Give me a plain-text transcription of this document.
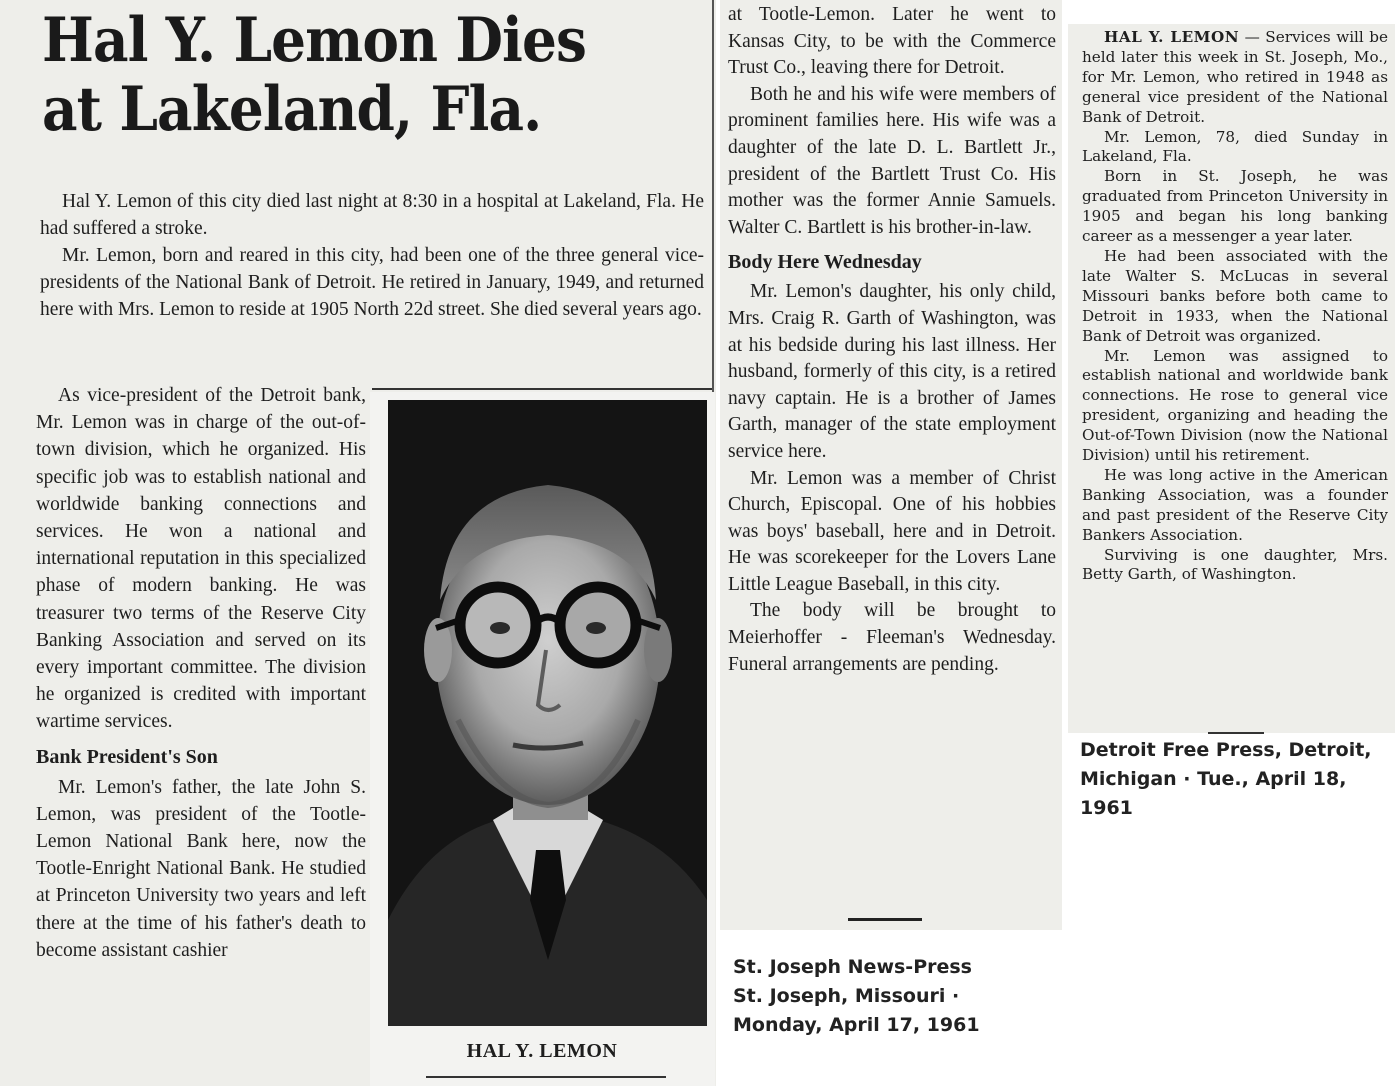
Hal Y. Lemon Dies
at Lakeland, Fla.

Hal Y. Lemon of this city died last night at 8:30 in a hospital at Lakeland, Fla. He had suffered a stroke.

Mr. Lemon, born and reared in this city, had been one of the three general vice-presidents of the National Bank of Detroit. He retired in January, 1949, and returned here with Mrs. Lemon to reside at 1905 North 22d street. She died several years ago.

As vice-president of the Detroit bank, Mr. Lemon was in charge of the out-of-town division, which he organized. His specific job was to establish national and worldwide banking connections and services. He won a national and international reputation in this specialized phase of modern banking. He was treasurer two terms of the Reserve City Banking Association and served on its every important committee. The division he organized is credited with important wartime services.

Bank President's Son

Mr. Lemon's father, the late John S. Lemon, was president of the Tootle-Lemon National Bank here, now the Tootle-Enright National Bank. He studied at Princeton University two years and left there at the time of his father's death to become assistant cashier

HAL Y. LEMON

at Tootle-Lemon. Later he went to Kansas City, to be with the Commerce Trust Co., leaving there for Detroit.

Both he and his wife were members of prominent families here. His wife was a daughter of the late D. L. Bartlett Jr., president of the Bartlett Trust Co. His mother was the former Annie Samuels. Walter C. Bartlett is his brother-in-law.

Body Here Wednesday

Mr. Lemon's daughter, his only child, Mrs. Craig R. Garth of Washington, was at his bedside during his last illness. Her husband, formerly of this city, is a retired navy captain. He is a brother of James Garth, manager of the state employment service here.

Mr. Lemon was a member of Christ Church, Episcopal. One of his hobbies was boys' baseball, here and in Detroit. He was scorekeeper for the Lovers Lane Little League Baseball, in this city.

The body will be brought to Meierhoffer - Fleeman's Wednesday. Funeral arrangements are pending.

St. Joseph News-Press
St. Joseph, Missouri ·
Monday, April 17, 1961

HAL Y. LEMON — Services will be held later this week in St. Joseph, Mo., for Mr. Lemon, who retired in 1948 as general vice president of the National Bank of Detroit.

Mr. Lemon, 78, died Sunday in Lakeland, Fla.

Born in St. Joseph, he was graduated from Princeton University in 1905 and began his long banking career as a messenger a year later.

He had been associated with the late Walter S. McLucas in several Missouri banks before both came to Detroit in 1933, when the National Bank of Detroit was organized.

Mr. Lemon was assigned to establish national and worldwide bank connections. He rose to general vice president, organizing and heading the Out-of-Town Division (now the National Division) until his retirement.

He was long active in the American Banking Association, was a founder and past president of the Reserve City Bankers Association.

Surviving is one daughter, Mrs. Betty Garth, of Washington.

Detroit Free Press, Detroit,
Michigan · Tue., April 18, 1961
